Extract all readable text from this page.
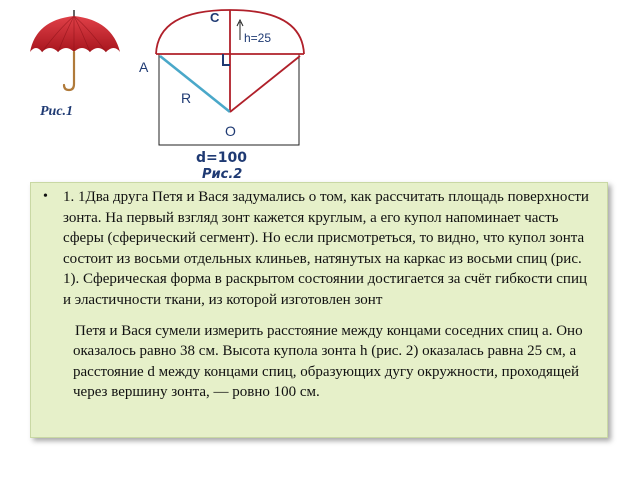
Рис.1
C
h=25
A
R
O
d=100
Рис.2
•	1. 1Два друга Петя и Вася задумались о том, как рассчитать площадь поверхности зонта. На первый взгляд зонт кажется круглым, а его купол напоминает часть сферы (сферический сегмент). Но если присмотреться, то видно, что купол зонта состоит из восьми отдельных клиньев, натянутых на каркас из восьми спиц (рис. 1). Сферическая форма в раскрытом состоянии достигается за счёт гибкости спиц и эластичности ткани, из которой изготовлен зонт

Петя и Вася сумели измерить расстояние между концами соседних спиц a. Оно оказалось равно 38 см. Высота купола зонта h (рис. 2) оказалась равна 25 см, а расстояние d между концами спиц, образующих дугу окружности, проходящей через вершину зонта, — ровно 100 см.
